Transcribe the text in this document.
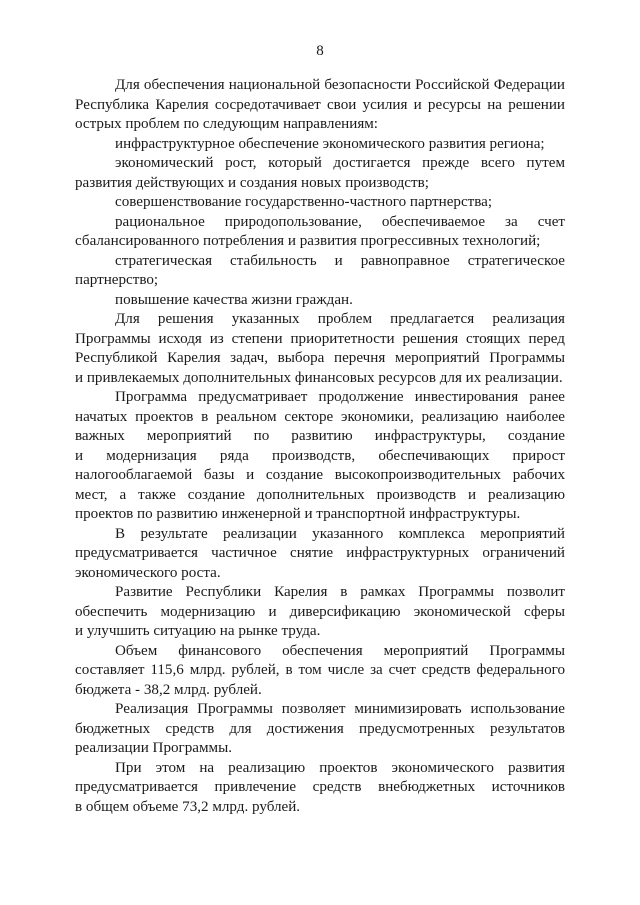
8
Для обеспечения национальной безопасности Российской Федерации
Республика Карелия сосредотачивает свои усилия и ресурсы на решении
острых проблем по следующим направлениям:
инфраструктурное обеспечение экономического развития региона;
экономический рост, который достигается прежде всего путем
развития действующих и создания новых производств;
совершенствование государственно-частного партнерства;
рациональное природопользование, обеспечиваемое за счет
сбалансированного потребления и развития прогрессивных технологий;
стратегическая стабильность и равноправное стратегическое
партнерство;
повышение качества жизни граждан.
Для решения указанных проблем предлагается реализация
Программы исходя из степени приоритетности решения стоящих перед
Республикой Карелия задач, выбора перечня мероприятий Программы
и привлекаемых дополнительных финансовых ресурсов для их реализации.
Программа предусматривает продолжение инвестирования ранее
начатых проектов в реальном секторе экономики, реализацию наиболее
важных мероприятий по развитию инфраструктуры, создание
и модернизация ряда производств, обеспечивающих прирост
налогооблагаемой базы и создание высокопроизводительных рабочих
мест, а также создание дополнительных производств и реализацию
проектов по развитию инженерной и транспортной инфраструктуры.
В результате реализации указанного комплекса мероприятий
предусматривается частичное снятие инфраструктурных ограничений
экономического роста.
Развитие Республики Карелия в рамках Программы позволит
обеспечить модернизацию и диверсификацию экономической сферы
и улучшить ситуацию на рынке труда.
Объем финансового обеспечения мероприятий Программы
составляет 115,6 млрд. рублей, в том числе за счет средств федерального
бюджета - 38,2 млрд. рублей.
Реализация Программы позволяет минимизировать использование
бюджетных средств для достижения предусмотренных результатов
реализации Программы.
При этом на реализацию проектов экономического развития
предусматривается привлечение средств внебюджетных источников
в общем объеме 73,2 млрд. рублей.
